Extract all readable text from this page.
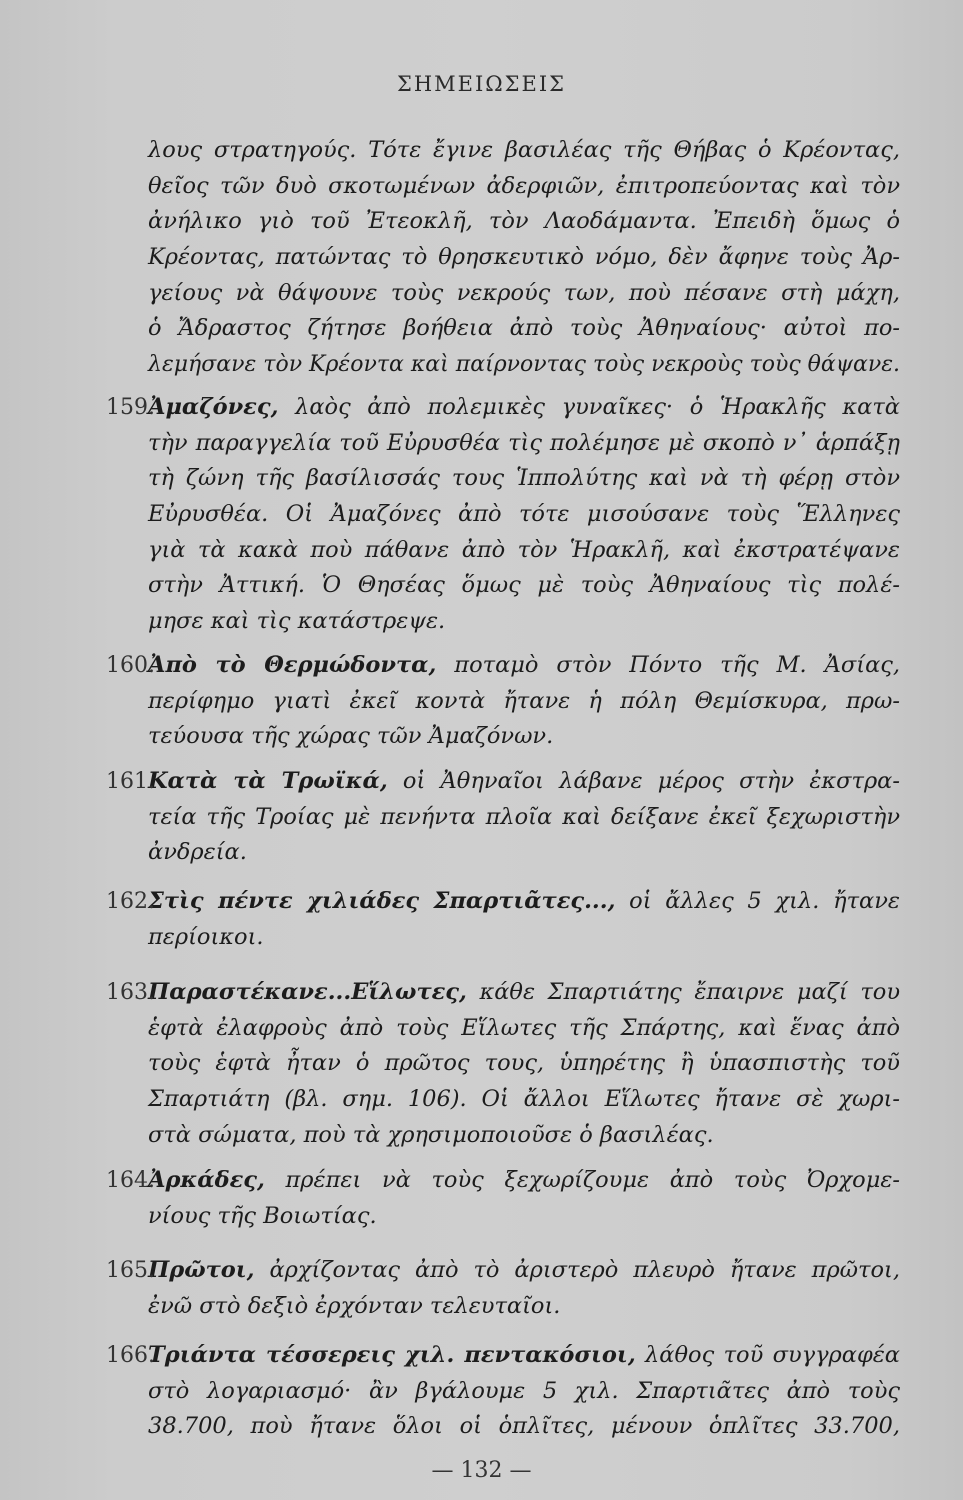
ΣΗΜΕΙΩΣΕΙΣ
λους στρατηγούς. Τότε ἔγινε βασιλέας τῆς Θήβας ὁ Κρέοντας,
θεῖος τῶν δυὸ σκοτωμένων ἀδερφιῶν, ἐπιτροπεύοντας καὶ τὸν
ἀνήλικο γιὸ τοῦ Ἐτεοκλῆ, τὸν Λαοδάμαντα. Ἐπειδὴ ὅμως ὁ
Κρέοντας, πατώντας τὸ θρησκευτικὸ νόμο, δὲν ἄφηνε τοὺς Ἀρ-
γείους νὰ θάψουνε τοὺς νεκρούς των, ποὺ πέσανε στὴ μάχη,
ὁ Ἄδραστος ζήτησε βοήθεια ἀπὸ τοὺς Ἀθηναίους· αὐτοὶ πο-
λεμήσανε τὸν Κρέοντα καὶ παίρνοντας τοὺς νεκροὺς τοὺς θάψανε.
159.
Ἀμαζόνες, λαὸς ἀπὸ πολεμικὲς γυναῖκες· ὁ Ἡρακλῆς κατὰ
τὴν παραγγελία τοῦ Εὐρυσθέα τὶς πολέμησε μὲ σκοπὸ ν᾽ ἁρπάξῃ
τὴ ζώνη τῆς βασίλισσάς τους Ἱππολύτης καὶ νὰ τὴ φέρῃ στὸν
Εὐρυσθέα. Οἱ Ἀμαζόνες ἀπὸ τότε μισούσανε τοὺς Ἕλληνες
γιὰ τὰ κακὰ ποὺ πάθανε ἀπὸ τὸν Ἡρακλῆ, καὶ ἐκστρατέψανε
στὴν Ἀττική. Ὁ Θησέας ὅμως μὲ τοὺς Ἀθηναίους τὶς πολέ-
μησε καὶ τὶς κατάστρεψε.
160.
Ἀπὸ τὸ Θερμώδοντα, ποταμὸ στὸν Πόντο τῆς Μ. Ἀσίας,
περίφημο γιατὶ ἐκεῖ κοντὰ ἤτανε ἡ πόλη Θεμίσκυρα, πρω-
τεύουσα τῆς χώρας τῶν Ἀμαζόνων.
161.
Κατὰ τὰ Τρωϊκά, οἱ Ἀθηναῖοι λάβανε μέρος στὴν ἐκστρα-
τεία τῆς Τροίας μὲ πενήντα πλοῖα καὶ δείξανε ἐκεῖ ξεχωριστὴν
ἀνδρεία.
162.
Στὶς πέντε χιλιάδες Σπαρτιᾶτες..., οἱ ἄλλες 5 χιλ. ἤτανε
περίοικοι.
163.
Παραστέκανε...Εἵλωτες, κάθε Σπαρτιάτης ἔπαιρνε μαζί του
ἑφτὰ ἐλαφροὺς ἀπὸ τοὺς Εἵλωτες τῆς Σπάρτης, καὶ ἕνας ἀπὸ
τοὺς ἑφτὰ ἦταν ὁ πρῶτος τους, ὑπηρέτης ἢ ὑπασπιστὴς τοῦ
Σπαρτιάτη (βλ. σημ. 106). Οἱ ἄλλοι Εἵλωτες ἤτανε σὲ χωρι-
στὰ σώματα, ποὺ τὰ χρησιμοποιοῦσε ὁ βασιλέας.
164.
Ἀρκάδες, πρέπει νὰ τοὺς ξεχωρίζουμε ἀπὸ τοὺς Ὀρχομε-
νίους τῆς Βοιωτίας.
165.
Πρῶτοι, ἀρχίζοντας ἀπὸ τὸ ἀριστερὸ πλευρὸ ἤτανε πρῶτοι,
ἐνῶ στὸ δεξιὸ ἐρχόνταν τελευταῖοι.
166.
Τριάντα τέσσερεις χιλ. πεντακόσιοι, λάθος τοῦ συγγραφέα
στὸ λογαριασμό· ἂν βγάλουμε 5 χιλ. Σπαρτιᾶτες ἀπὸ τοὺς
38.700, ποὺ ἤτανε ὅλοι οἱ ὁπλῖτες, μένουν ὁπλῖτες 33.700,
— 132 —
